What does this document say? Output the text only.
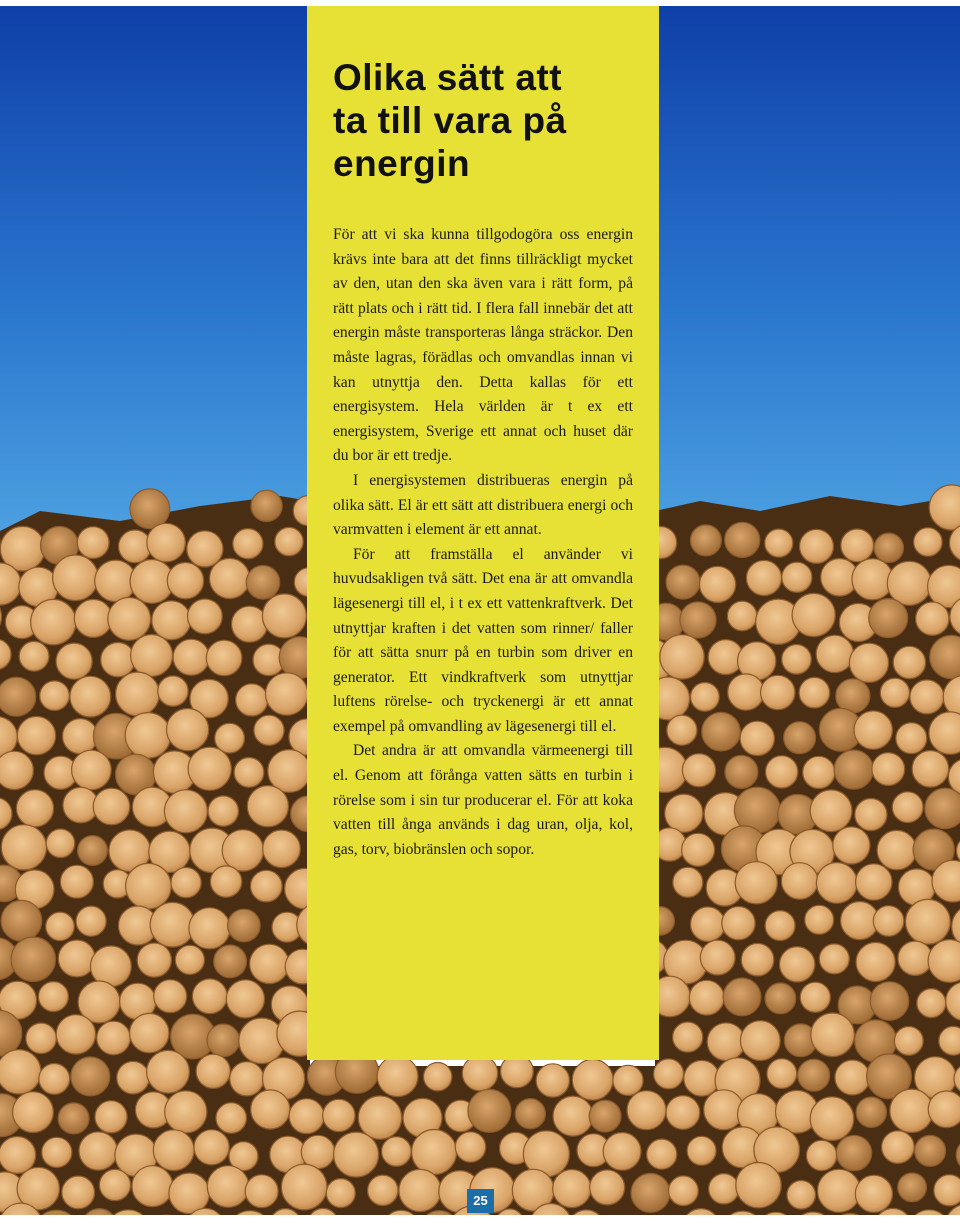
Olika sätt att
ta till vara på
energin

För att vi ska kunna tillgodogöra oss energin krävs inte bara att det finns tillräckligt mycket av den, utan den ska även vara i rätt form, på rätt plats och i rätt tid. I flera fall innebär det att energin måste transporteras långa sträckor. Den måste lagras, förädlas och omvandlas innan vi kan utnyttja den. Detta kallas för ett energisystem. Hela världen är t ex ett energisystem, Sverige ett annat och huset där du bor är ett tredje.

I energisystemen distribueras energin på olika sätt. El är ett sätt att distribuera energi och varmvatten i element är ett annat.

För att framställa el använder vi huvudsakligen två sätt. Det ena är att omvandla lägesenergi till el, i t ex ett vattenkraftverk. Det utnyttjar kraften i det vatten som rinner/ faller för att sätta snurr på en turbin som driver en generator. Ett vindkraftverk som utnyttjar luftens rörelse- och tryckenergi är ett annat exempel på omvandling av lägesenergi till el.

Det andra är att omvandla värmeenergi till el. Genom att förånga vatten sätts en turbin i rörelse som i sin tur producerar el. För att koka vatten till ånga används i dag uran, olja, kol, gas, torv, biobränslen och sopor.

25
